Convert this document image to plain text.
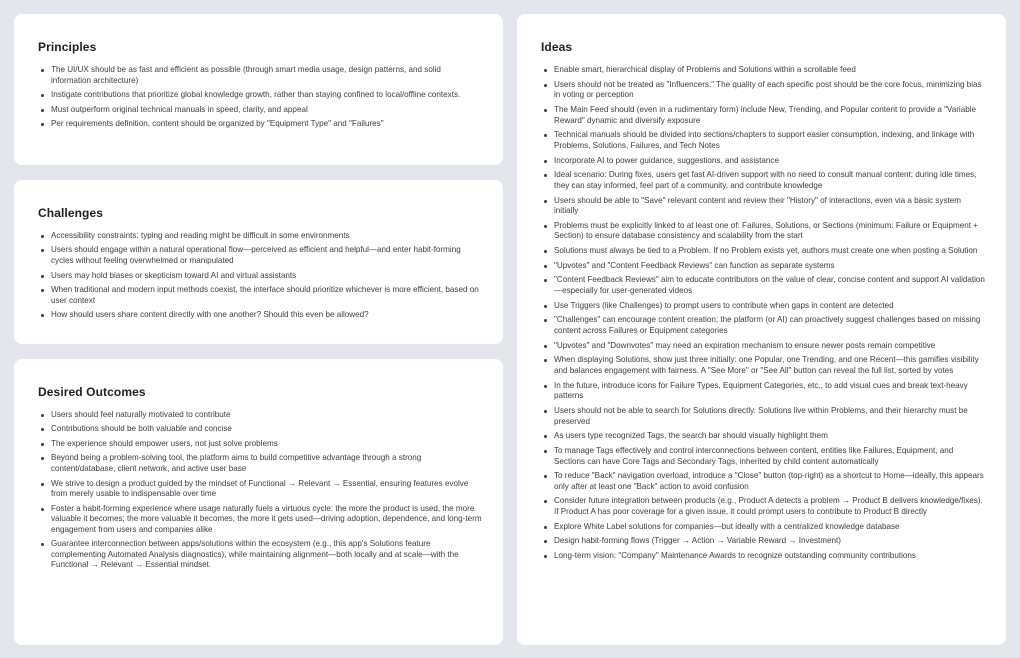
Principles
The UI/UX should be as fast and efficient as possible (through smart media usage, design patterns, and solid information architecture)
Instigate contributions that prioritize global knowledge growth, rather than staying confined to local/offline contexts.
Must outperform original technical manuals in speed, clarity, and appeal
Per requirements definition, content should be organized by "Equipment Type" and "Failures"
Challenges
Accessibility constraints: typing and reading might be difficult in some environments
Users should engage within a natural operational flow—perceived as efficient and helpful—and enter habit-forming cycles without feeling overwhelmed or manipulated
Users may hold biases or skepticism toward AI and virtual assistants
When traditional and modern input methods coexist, the interface should prioritize whichever is more efficient, based on user context
How should users share content directly with one another? Should this even be allowed?
Desired Outcomes
Users should feel naturally motivated to contribute
Contributions should be both valuable and concise
The experience should empower users, not just solve problems
Beyond being a problem-solving tool, the platform aims to build competitive advantage through a strong content/database, client network, and active user base
We strive to design a product guided by the mindset of Functional → Relevant → Essential, ensuring features evolve from merely usable to indispensable over time
Foster a habit-forming experience where usage naturally fuels a virtuous cycle: the more the product is used, the more valuable it becomes; the more valuable it becomes, the more it gets used—driving adoption, dependence, and long-term engagement from users and companies alike
Guarantee interconnection between apps/solutions within the ecosystem (e.g., this app's Solutions feature complementing Automated Analysis diagnostics), while maintaining alignment—both locally and at scale—with the Functional → Relevant → Essential mindset.
Ideas
Enable smart, hierarchical display of Problems and Solutions within a scrollable feed
Users should not be treated as "Influencers." The quality of each specific post should be the core focus, minimizing bias in voting or perception
The Main Feed should (even in a rudimentary form) include New, Trending, and Popular content to provide a "Variable Reward" dynamic and diversify exposure
Technical manuals should be divided into sections/chapters to support easier consumption, indexing, and linkage with Problems, Solutions, Failures, and Tech Notes
Incorporate AI to power guidance, suggestions, and assistance
Ideal scenario: During fixes, users get fast AI-driven support with no need to consult manual content; during idle times, they can stay informed, feel part of a community, and contribute knowledge
Users should be able to "Save" relevant content and review their "History" of interactions, even via a basic system initially
Problems must be explicitly linked to at least one of: Failures, Solutions, or Sections (minimum: Failure or Equipment + Section) to ensure database consistency and scalability from the start
Solutions must always be tied to a Problem. If no Problem exists yet, authors must create one when posting a Solution
"Upvotes" and "Content Feedback Reviews" can function as separate systems
"Content Feedback Reviews" aim to educate contributors on the value of clear, concise content and support AI validation—especially for user-generated videos
Use Triggers (like Challenges) to prompt users to contribute when gaps in content are detected
"Challenges" can encourage content creation; the platform (or AI) can proactively suggest challenges based on missing content across Failures or Equipment categories
"Upvotes" and "Downvotes" may need an expiration mechanism to ensure newer posts remain competitive
When displaying Solutions, show just three initially: one Popular, one Trending, and one Recent—this gamifies visibility and balances engagement with fairness. A "See More" or "See All" button can reveal the full list, sorted by votes
In the future, introduce icons for Failure Types, Equipment Categories, etc., to add visual cues and break text-heavy patterns
Users should not be able to search for Solutions directly. Solutions live within Problems, and their hierarchy must be preserved
As users type recognized Tags, the search bar should visually highlight them
To manage Tags effectively and control interconnections between content, entities like Failures, Equipment, and Sections can have Core Tags and Secondary Tags, inherited by child content automatically
To reduce "Back" navigation overload, introduce a "Close" button (top-right) as a shortcut to Home—ideally, this appears only after at least one "Back" action to avoid confusion
Consider future integration between products (e.g., Product A detects a problem → Product B delivers knowledge/fixes). If Product A has poor coverage for a given issue, it could prompt users to contribute to Product B directly
Explore White Label solutions for companies—but ideally with a centralized knowledge database
Design habit-forming flows (Trigger → Action → Variable Reward → Investment)
Long-term vision: "Company" Maintenance Awards to recognize outstanding community contributions
